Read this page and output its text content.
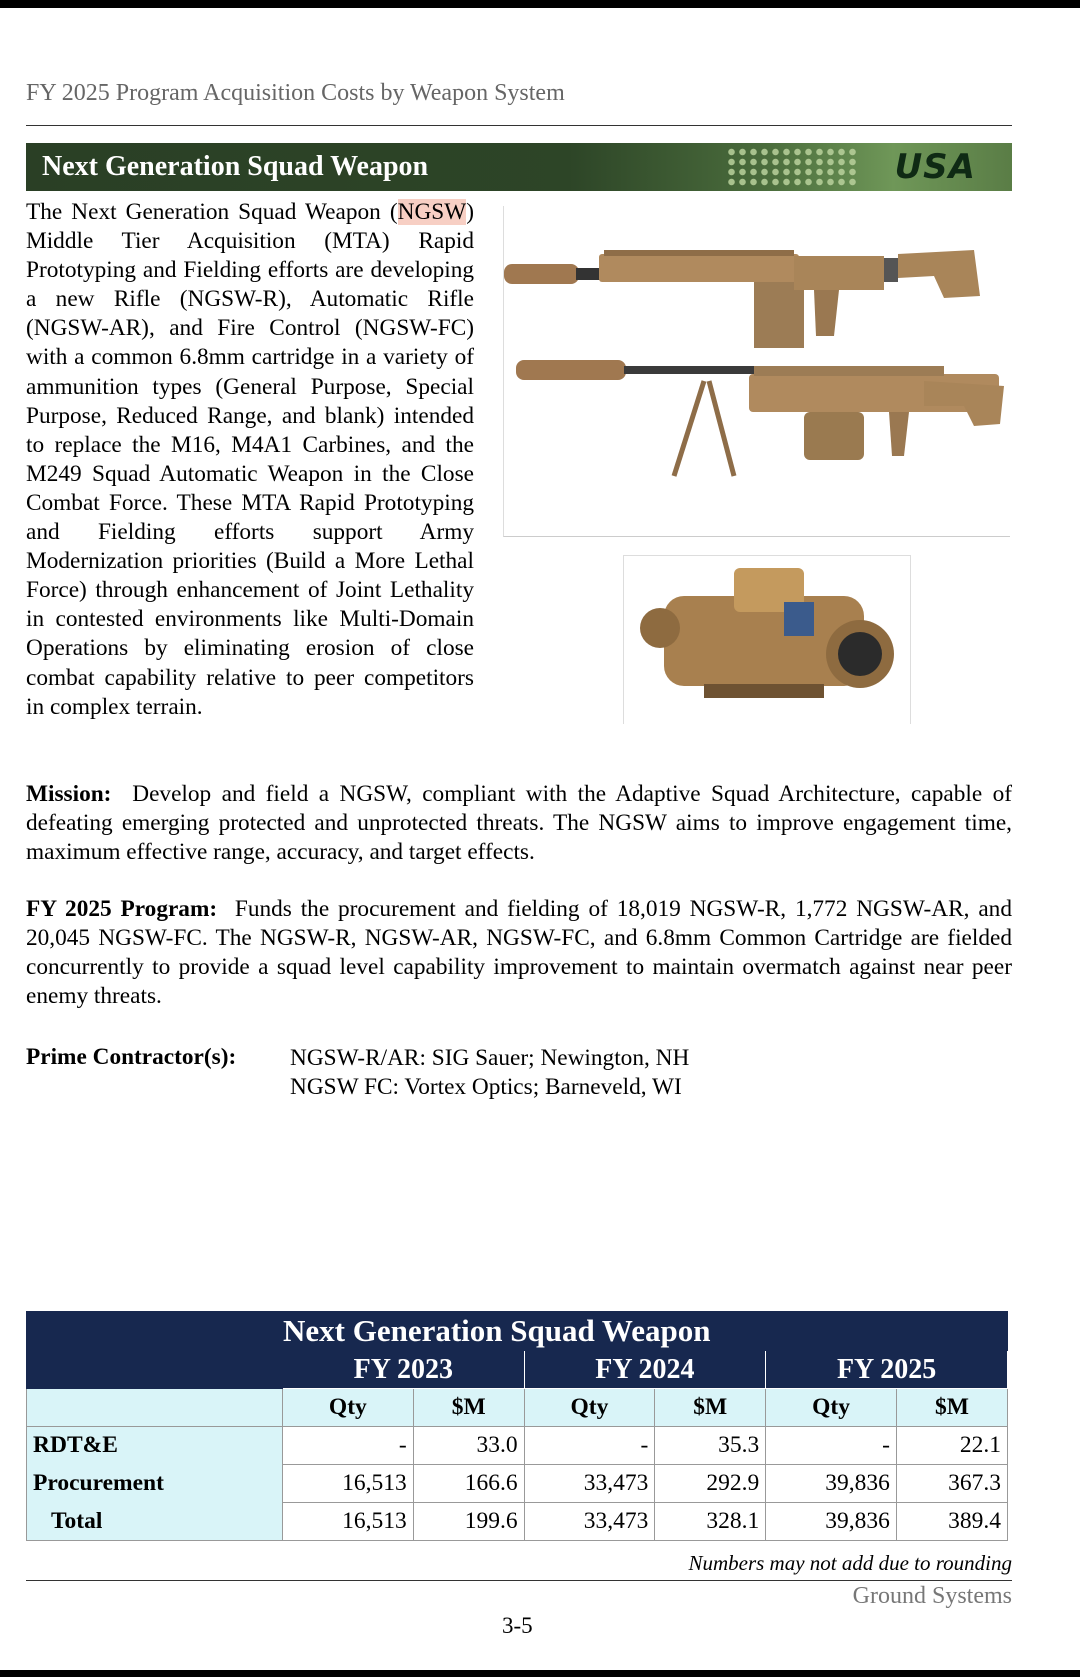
FY 2025 Program Acquisition Costs by Weapon System
Next Generation Squad Weapon	USA
The Next Generation Squad Weapon (NGSW) Middle Tier Acquisition (MTA) Rapid Prototyping and Fielding efforts are developing a new Rifle (NGSW-R), Automatic Rifle (NGSW-AR), and Fire Control (NGSW-FC) with a common 6.8mm cartridge in a variety of ammunition types (General Purpose, Special Purpose, Reduced Range, and blank) intended to replace the M16, M4A1 Carbines, and the M249 Squad Automatic Weapon in the Close Combat Force. These MTA Rapid Prototyping and Fielding efforts support Army Modernization priorities (Build a More Lethal Force) through enhancement of Joint Lethality in contested environments like Multi-Domain Operations by eliminating erosion of close combat capability relative to peer competitors in complex terrain.
Mission: Develop and field a NGSW, compliant with the Adaptive Squad Architecture, capable of defeating emerging protected and unprotected threats. The NGSW aims to improve engagement time, maximum effective range, accuracy, and target effects.
FY 2025 Program: Funds the procurement and fielding of 18,019 NGSW-R, 1,772 NGSW-AR, and 20,045 NGSW-FC. The NGSW-R, NGSW-AR, NGSW-FC, and 6.8mm Common Cartridge are fielded concurrently to provide a squad level capability improvement to maintain overmatch against near peer enemy threats.
Prime Contractor(s): NGSW-R/AR: SIG Sauer; Newington, NH
NGSW FC: Vortex Optics; Barneveld, WI
	Next Generation Squad Weapon					
	FY 2023		FY 2024		FY 2025	
	Qty	$M	Qty	$M	Qty	$M
RDT&E	-	33.0	-	35.3	-	22.1
Procurement	16,513	166.6	33,473	292.9	39,836	367.3
Total	16,513	199.6	33,473	328.1	39,836	389.4
Numbers may not add due to rounding
Ground Systems
3-5
